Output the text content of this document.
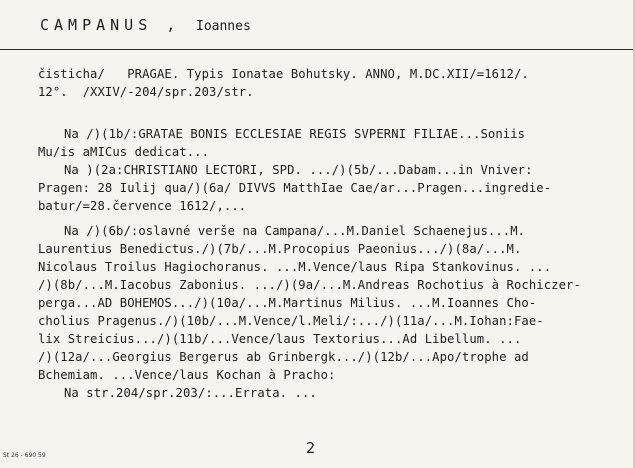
CAMPANUS , Ioannes
čisticha/   PRAGAE. Typis Ionatae Bohutsky. ANNO, M.DC.XII/=1612/.
12°.  /XXIV/-204/spr.203/str.
Na /)(1b/:GRATAE BONIS ECCLESIAE REGIS SVPERNI FILIAE...Soniis
Mu/is aMICus dedicat...
Na )(2a:CHRISTIANO LECTORI, SPD. .../)(5b/...Dabam...in Vniver:
Pragen: 28 Iulij qua/)(6a/ DIVVS MatthIae Cae/ar...Pragen...ingredie-
batur/=28.července 1612/,...
Na /)(6b/:oslavné verše na Campana/...M.Daniel Schaenejus...M.
Laurentius Benedictus./)(7b/...M.Procopius Paeonius.../)(8a/...M.
Nicolaus Troilus Hagiochoranus. ...M.Vence/laus Ripa Stankovinus. ...
/)(8b/...M.Iacobus Zabonius. .../)(9a/...M.Andreas Rochotius à Rochiczer-
perga...AD BOHEMOS.../)(10a/...M.Martinus Milius. ...M.Ioannes Cho-
cholius Pragenus./)(10b/...M.Vence/l.Meli/:.../)(11a/...M.Iohan:Fae-
lix Streicius.../)(11b/...Vence/laus Textorius...Ad Libellum. ...
/)(12a/...Georgius Bergerus ab Grinbergk.../)(12b/...Apo/trophe ad
Bchemiam. ...Vence/laus Kochan à Pracho:
Na str.204/spr.203/:...Errata. ...
2
St 26 - 690 59
